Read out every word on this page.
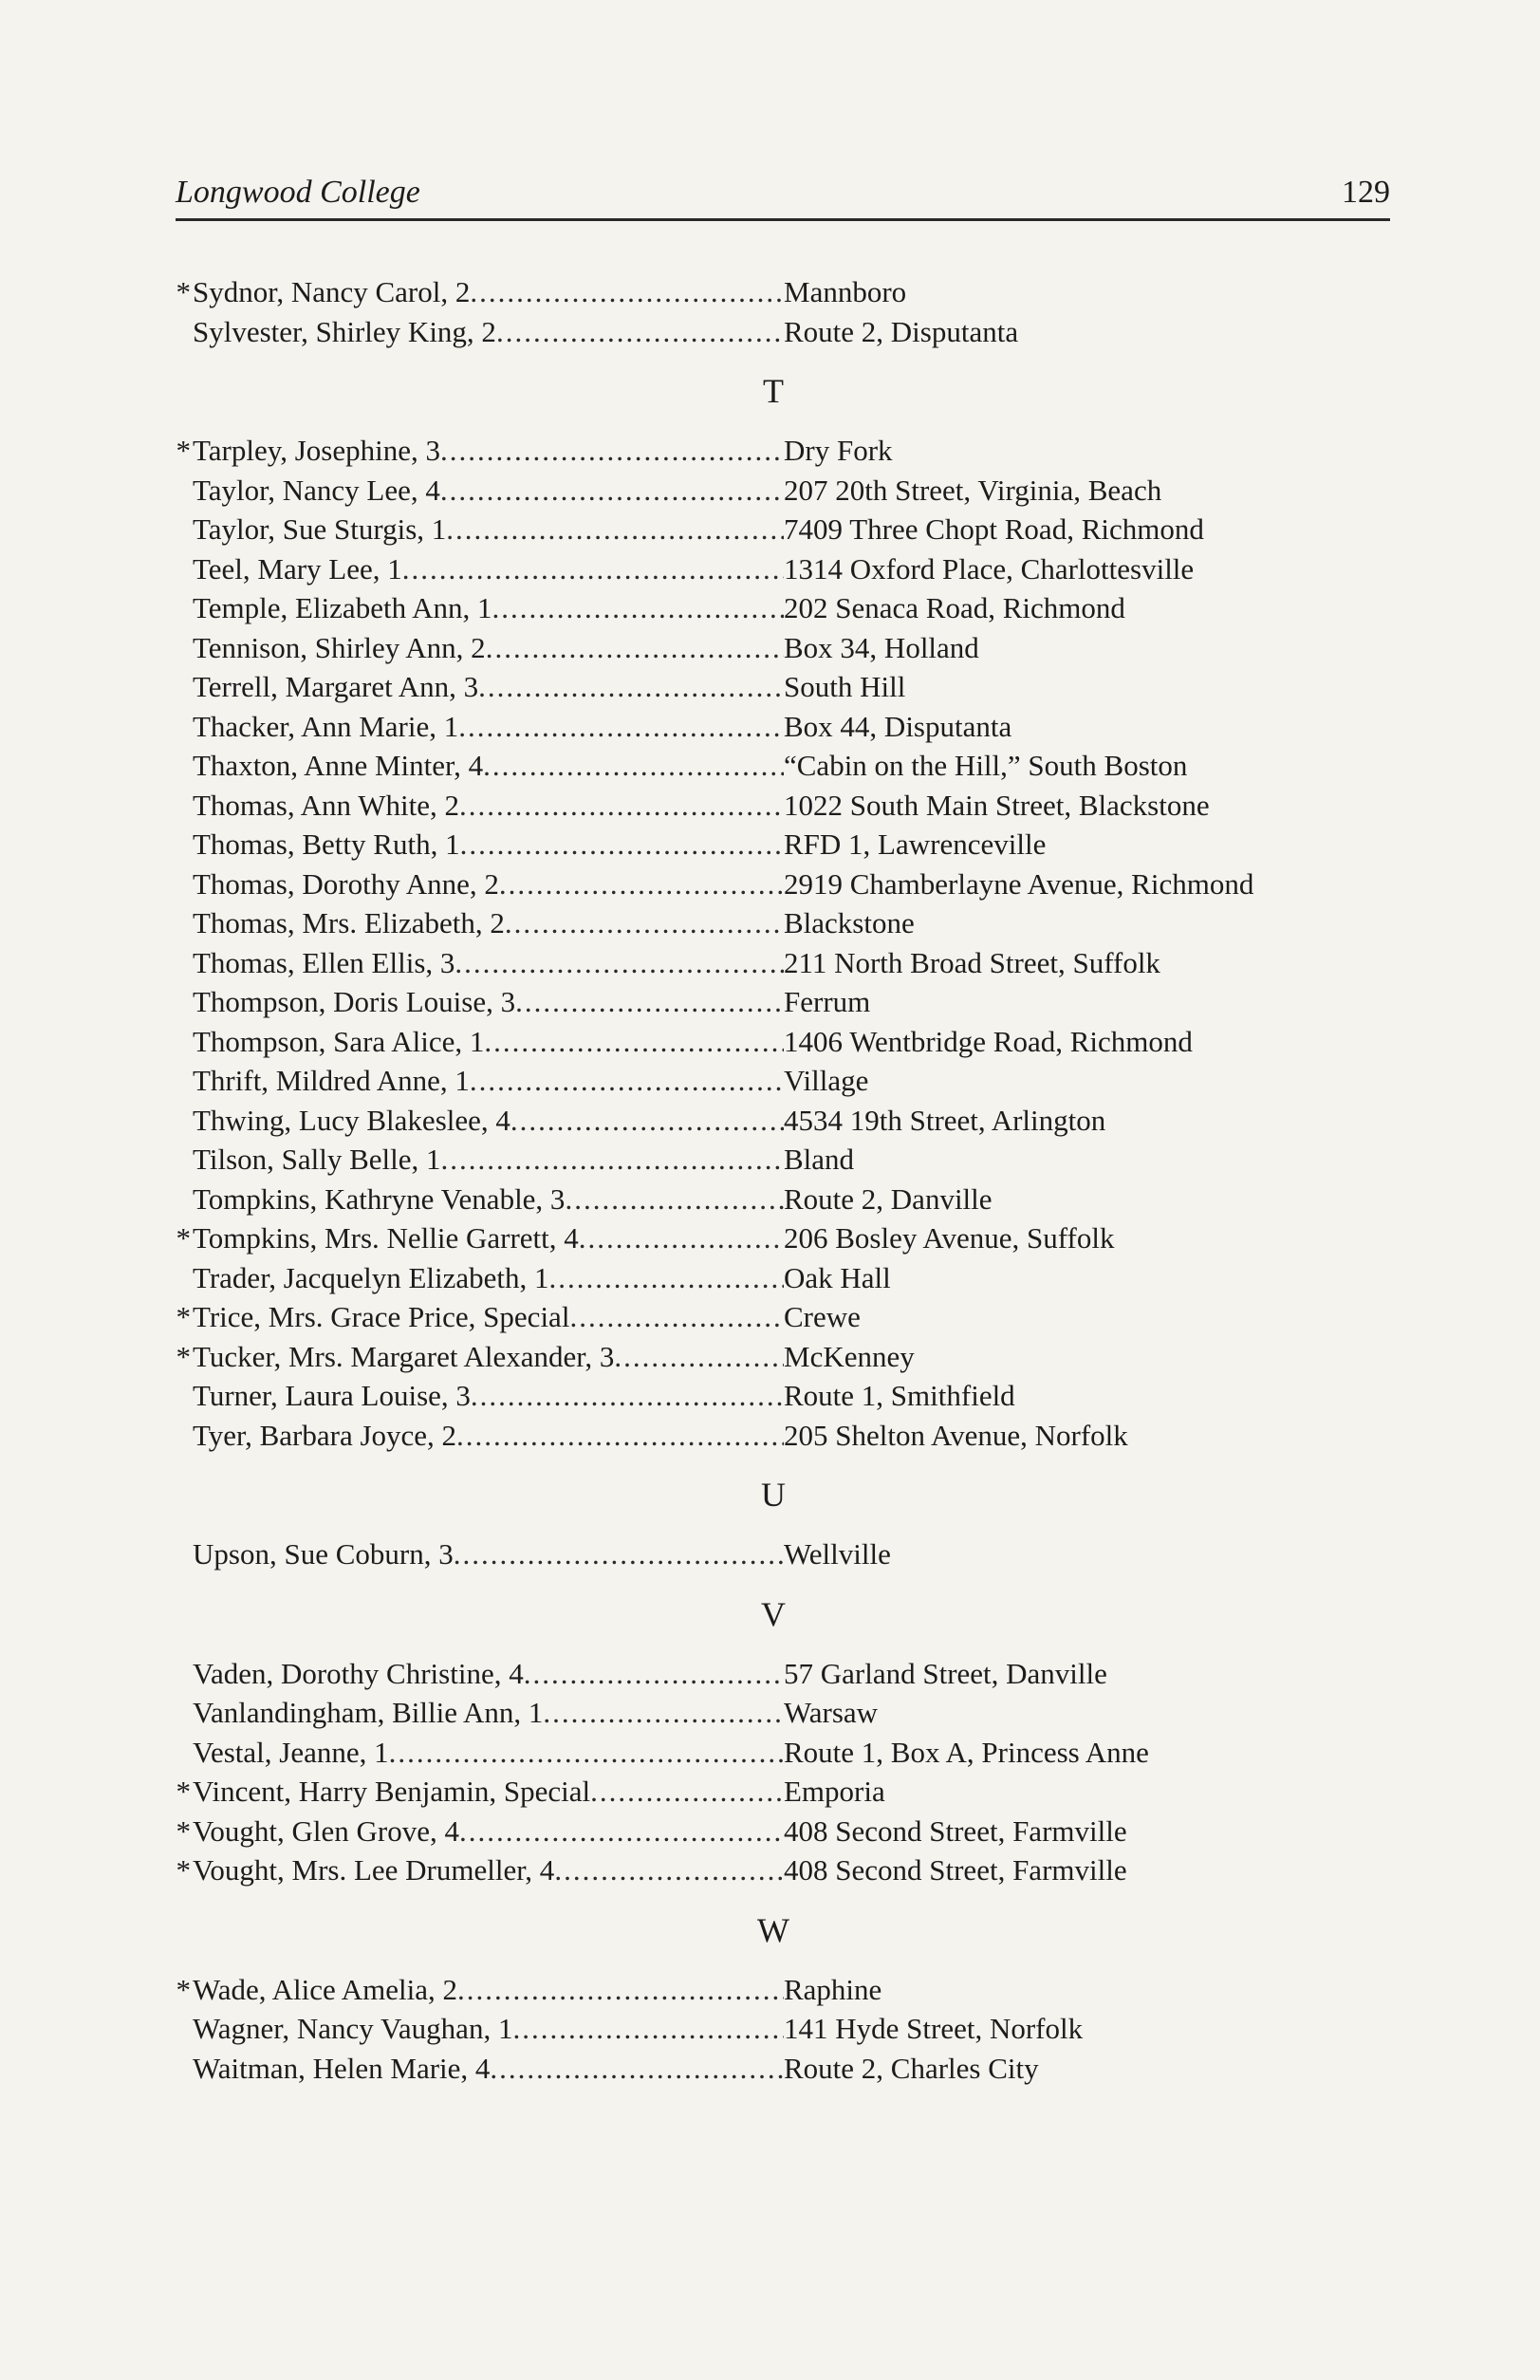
Longwood College	129
* Sydnor, Nancy Carol, 2 .....	Mannboro
Sylvester, Shirley King, 2 .....	Route 2, Disputanta
T
* Tarpley, Josephine, 3 .....	Dry Fork
Taylor, Nancy Lee, 4 .....	207 20th Street, Virginia, Beach
Taylor, Sue Sturgis, 1 .....	7409 Three Chopt Road, Richmond
Teel, Mary Lee, 1 .....	1314 Oxford Place, Charlottesville
Temple, Elizabeth Ann, 1 .....	202 Senaca Road, Richmond
Tennison, Shirley Ann, 2 .....	Box 34, Holland
Terrell, Margaret Ann, 3 .....	South Hill
Thacker, Ann Marie, 1 .....	Box 44, Disputanta
Thaxton, Anne Minter, 4 .....	“Cabin on the Hill,” South Boston
Thomas, Ann White, 2 .....	1022 South Main Street, Blackstone
Thomas, Betty Ruth, 1 .....	RFD 1, Lawrenceville
Thomas, Dorothy Anne, 2 .....	2919 Chamberlayne Avenue, Richmond
Thomas, Mrs. Elizabeth, 2 .....	Blackstone
Thomas, Ellen Ellis, 3 .....	211 North Broad Street, Suffolk
Thompson, Doris Louise, 3 .....	Ferrum
Thompson, Sara Alice, 1 .....	1406 Wentbridge Road, Richmond
Thrift, Mildred Anne, 1 .....	Village
Thwing, Lucy Blakeslee, 4 .....	4534 19th Street, Arlington
Tilson, Sally Belle, 1 .....	Bland
Tompkins, Kathryne Venable, 3 .....	Route 2, Danville
* Tompkins, Mrs. Nellie Garrett, 4 .....	206 Bosley Avenue, Suffolk
Trader, Jacquelyn Elizabeth, 1 .....	Oak Hall
* Trice, Mrs. Grace Price, Special .....	Crewe
* Tucker, Mrs. Margaret Alexander, 3 .....	McKenney
Turner, Laura Louise, 3 .....	Route 1, Smithfield
Tyer, Barbara Joyce, 2 .....	205 Shelton Avenue, Norfolk
U
Upson, Sue Coburn, 3 .....	Wellville
V
Vaden, Dorothy Christine, 4 .....	57 Garland Street, Danville
Vanlandingham, Billie Ann, 1 .....	Warsaw
Vestal, Jeanne, 1 .....	Route 1, Box A, Princess Anne
* Vincent, Harry Benjamin, Special .....	Emporia
* Vought, Glen Grove, 4 .....	408 Second Street, Farmville
* Vought, Mrs. Lee Drumeller, 4 .....	408 Second Street, Farmville
W
* Wade, Alice Amelia, 2 .....	Raphine
Wagner, Nancy Vaughan, 1 .....	141 Hyde Street, Norfolk
Waitman, Helen Marie, 4 .....	Route 2, Charles City
